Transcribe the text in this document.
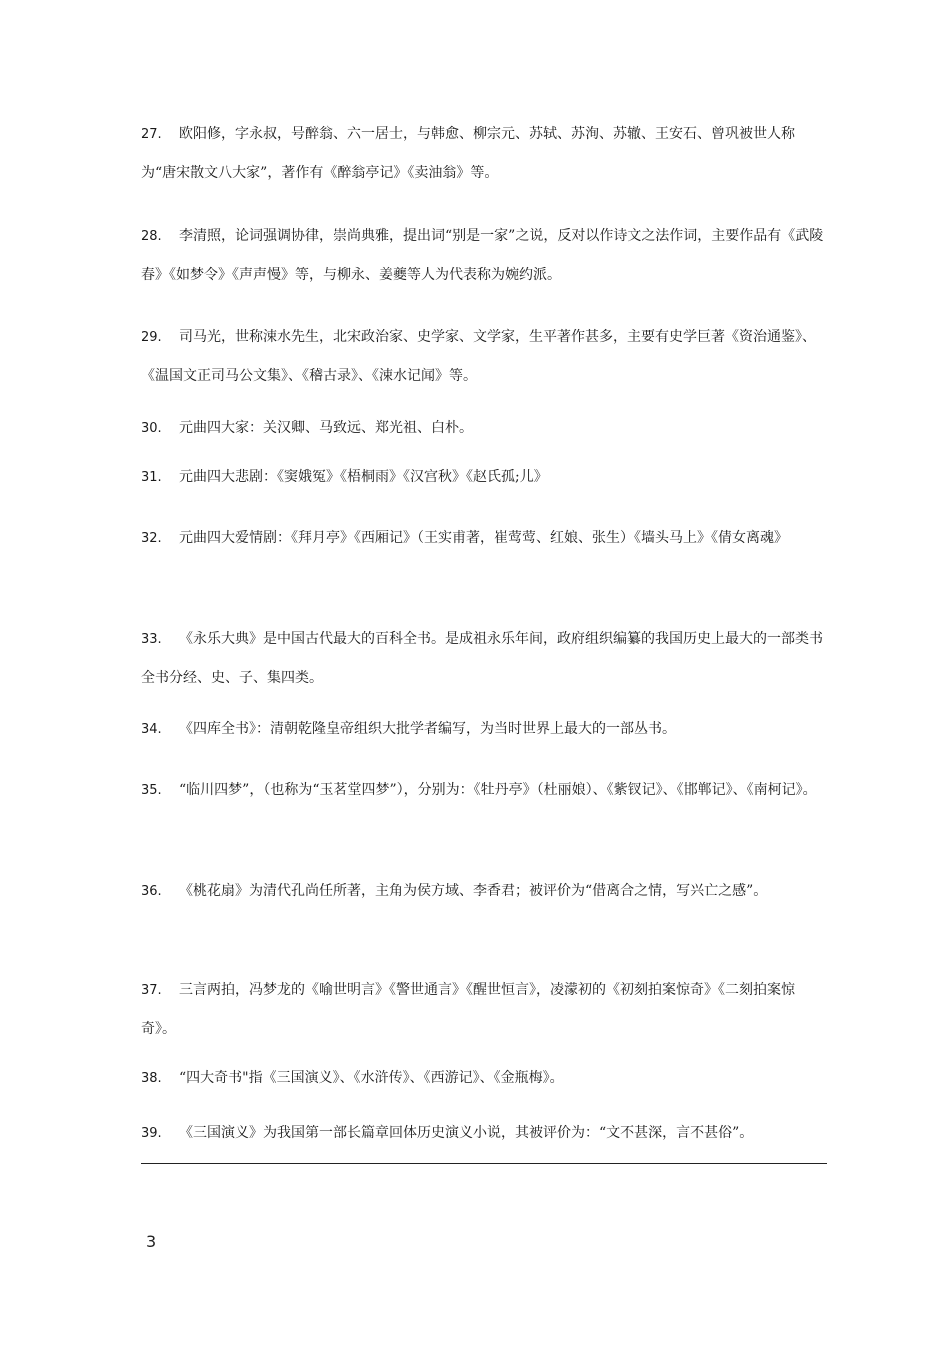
27. 欧阳修，字永叔，号醉翁、六一居士，与韩愈、柳宗元、苏轼、苏洵、苏辙、王安石、曾巩被世人称为“唐宋散文八大家”，著作有《醉翁亭记》《卖油翁》等。

28. 李清照，论词强调协律，崇尚典雅，提出词“别是一家”之说，反对以作诗文之法作词，主要作品有《武陵春》《如梦令》《声声慢》等，与柳永、姜夔等人为代表称为婉约派。

29. 司马光，世称涑水先生，北宋政治家、史学家、文学家，生平著作甚多，主要有史学巨著《资治通鉴》、《温国文正司马公文集》、《稽古录》、《涑水记闻》等。

30. 元曲四大家：关汉卿、马致远、郑光祖、白朴。

31. 元曲四大悲剧：《窦娥冤》《梧桐雨》《汉宫秋》《赵氏孤;儿》

32. 元曲四大爱情剧：《拜月亭》《西厢记》（王实甫著，崔莺莺、红娘、张生）《墙头马上》《倩女离魂》

33. 《永乐大典》是中国古代最大的百科全书。是成祖永乐年间，政府组织编纂的我国历史上最大的一部类书全书分经、史、子、集四类。

34. 《四库全书》：清朝乾隆皇帝组织大批学者编写，为当时世界上最大的一部丛书。

35. “临川四梦”，（也称为“玉茗堂四梦”），分别为：《牡丹亭》（杜丽娘）、《紫钗记》、《邯郸记》、《南柯记》。

36. 《桃花扇》为清代孔尚任所著，主角为侯方域、李香君；被评价为“借离合之情，写兴亡之感”。

37. 三言两拍，冯梦龙的《喻世明言》《警世通言》《醒世恒言》，凌濛初的《初刻拍案惊奇》《二刻拍案惊奇》。

38. “四大奇书"指《三国演义》、《水浒传》、《西游记》、《金瓶梅》。

39. 《三国演义》为我国第一部长篇章回体历史演义小说，其被评价为：“文不甚深，言不甚俗”。

3
